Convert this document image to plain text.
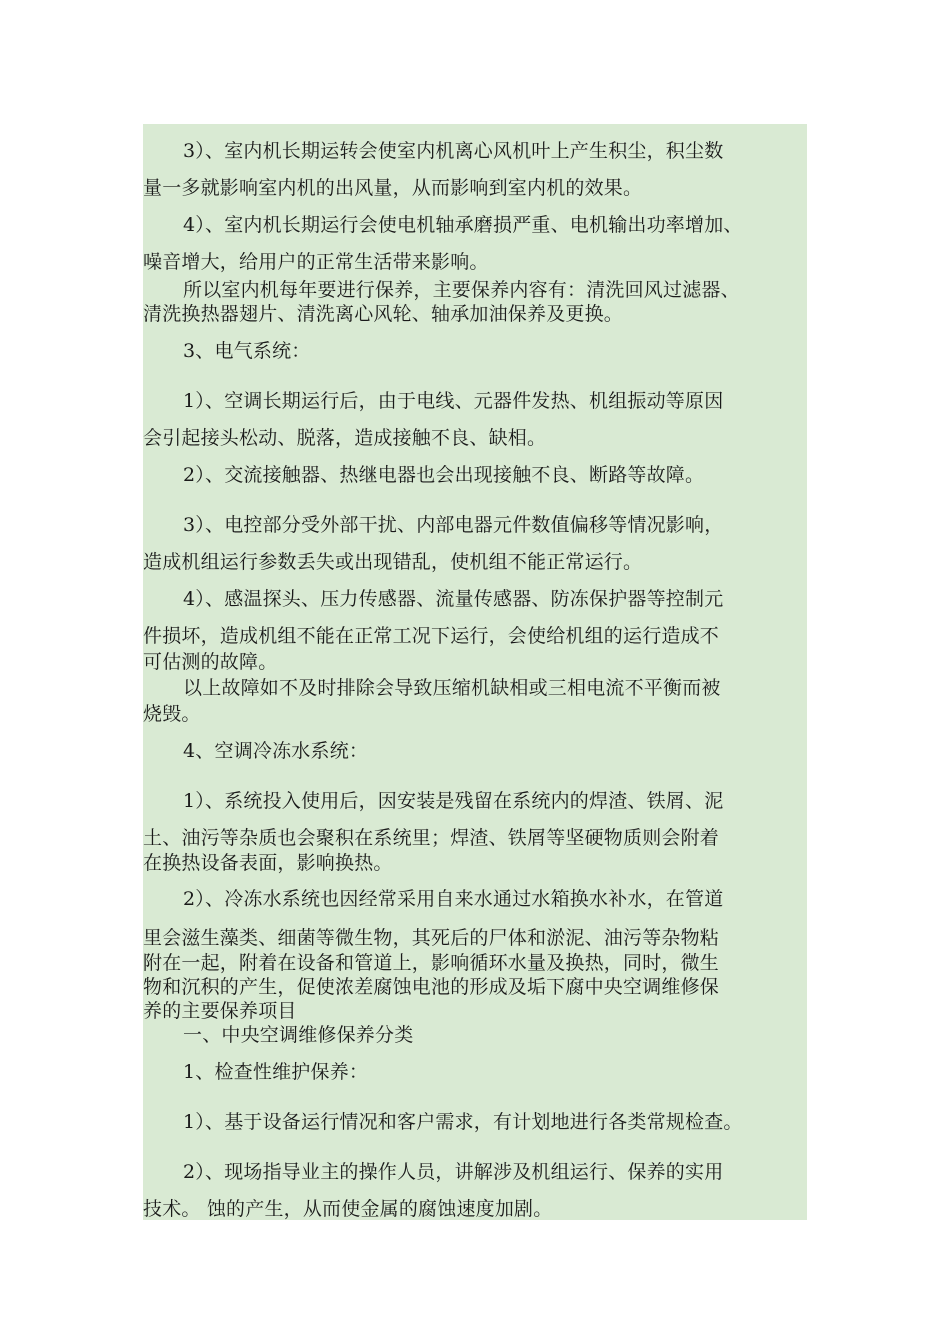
3）、室内机长期运转会使室内机离心风机叶上产生积尘，积尘数
量一多就影响室内机的出风量，从而影响到室内机的效果。
4）、室内机长期运行会使电机轴承磨损严重、电机输出功率增加、
噪音增大，给用户的正常生活带来影响。
所以室内机每年要进行保养，主要保养内容有：清洗回风过滤器、
清洗换热器翅片、清洗离心风轮、轴承加油保养及更换。
3、电气系统：
1）、空调长期运行后，由于电线、元器件发热、机组振动等原因
会引起接头松动、脱落，造成接触不良、缺相。
2）、交流接触器、热继电器也会出现接触不良、断路等故障。
3）、电控部分受外部干扰、内部电器元件数值偏移等情况影响，
造成机组运行参数丢失或出现错乱，使机组不能正常运行。
4）、感温探头、压力传感器、流量传感器、防冻保护器等控制元
件损坏，造成机组不能在正常工况下运行，会使给机组的运行造成不
可估测的故障。
以上故障如不及时排除会导致压缩机缺相或三相电流不平衡而被
烧毁。
4、空调冷冻水系统：
1）、系统投入使用后，因安装是残留在系统内的焊渣、铁屑、泥
土、油污等杂质也会聚积在系统里；焊渣、铁屑等坚硬物质则会附着
在换热设备表面，影响换热。
2）、冷冻水系统也因经常采用自来水通过水箱换水补水，在管道
里会滋生藻类、细菌等微生物，其死后的尸体和淤泥、油污等杂物粘
附在一起，附着在设备和管道上，影响循环水量及换热，同时，微生
物和沉积的产生，促使浓差腐蚀电池的形成及垢下腐中央空调维修保
养的主要保养项目
一、中央空调维修保养分类
1、检查性维护保养：
1）、基于设备运行情况和客户需求，有计划地进行各类常规检查。
2）、现场指导业主的操作人员，讲解涉及机组运行、保养的实用
技术。 蚀的产生，从而使金属的腐蚀速度加剧。
